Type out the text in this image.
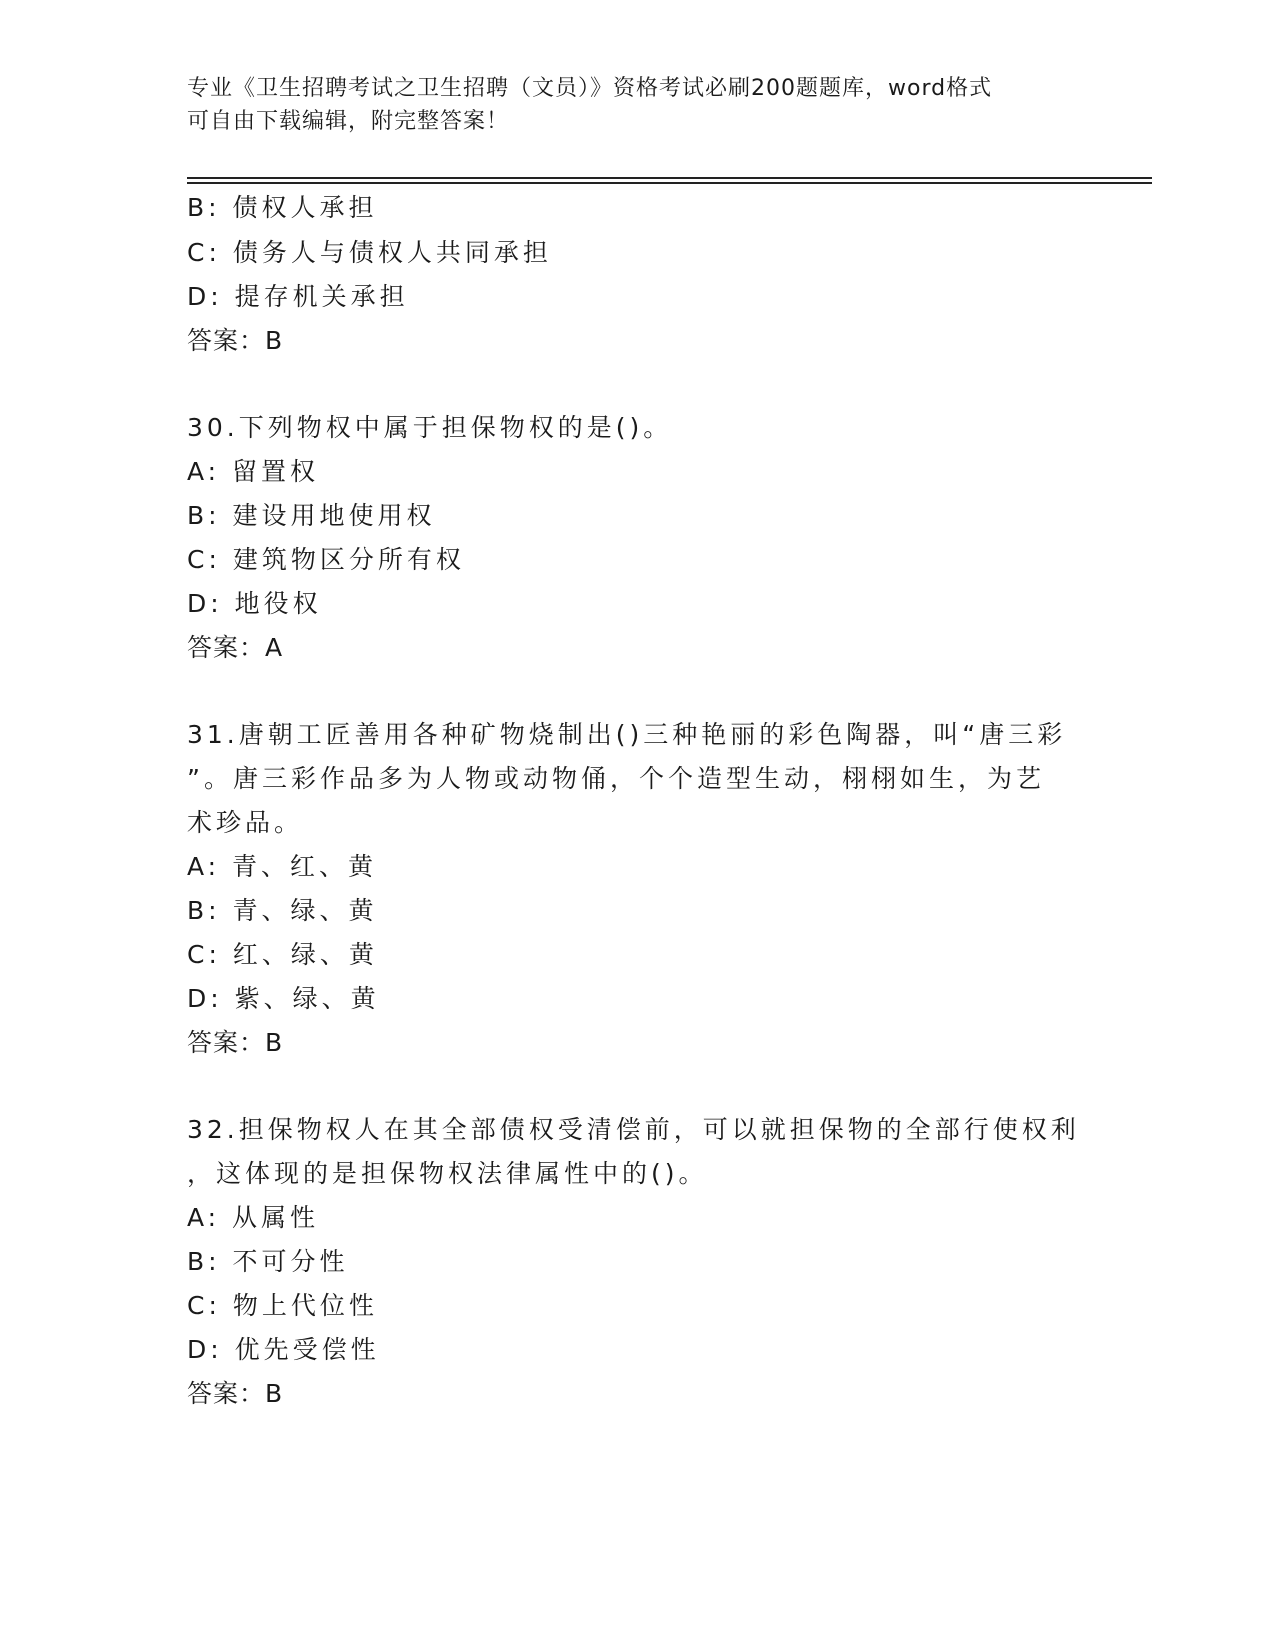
专业《卫生招聘考试之卫生招聘（文员）》资格考试必刷200题题库，word格式
可自由下载编辑，附完整答案！
B: 债权人承担
C: 债务人与债权人共同承担
D: 提存机关承担
答案：B
30.下列物权中属于担保物权的是()。
A: 留置权
B: 建设用地使用权
C: 建筑物区分所有权
D: 地役权
答案：A
31.唐朝工匠善用各种矿物烧制出()三种艳丽的彩色陶器，叫“唐三彩
”。唐三彩作品多为人物或动物俑，个个造型生动，栩栩如生，为艺
术珍品。
A: 青、红、黄
B: 青、绿、黄
C: 红、绿、黄
D: 紫、绿、黄
答案：B
32.担保物权人在其全部债权受清偿前，可以就担保物的全部行使权利
，这体现的是担保物权法律属性中的()。
A: 从属性
B: 不可分性
C: 物上代位性
D: 优先受偿性
答案：B
